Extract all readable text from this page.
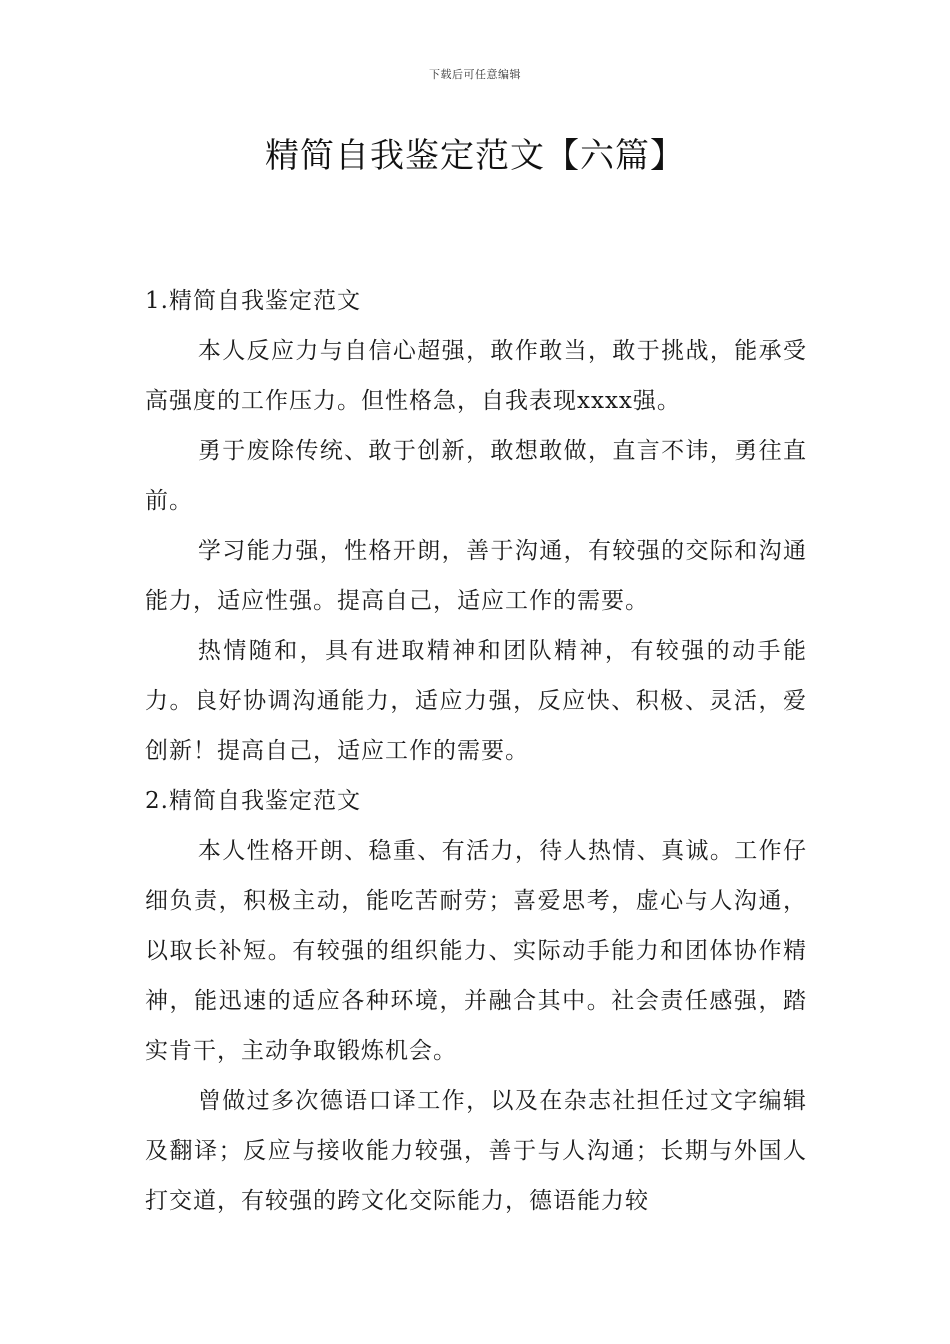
下载后可任意编辑
精简自我鉴定范文【六篇】

1.精简自我鉴定范文

本人反应力与自信心超强，敢作敢当，敢于挑战，能承受高强度的工作压力。但性格急，自我表现xxxx强。

勇于废除传统、敢于创新，敢想敢做，直言不讳，勇往直前。

学习能力强，性格开朗，善于沟通，有较强的交际和沟通能力，适应性强。提高自己，适应工作的需要。

热情随和，具有进取精神和团队精神，有较强的动手能力。良好协调沟通能力，适应力强，反应快、积极、灵活，爱创新！提高自己，适应工作的需要。

2.精简自我鉴定范文

本人性格开朗、稳重、有活力，待人热情、真诚。工作仔细负责，积极主动，能吃苦耐劳；喜爱思考，虚心与人沟通，以取长补短。有较强的组织能力、实际动手能力和团体协作精神，能迅速的适应各种环境，并融合其中。社会责任感强，踏实肯干，主动争取锻炼机会。

曾做过多次德语口译工作，以及在杂志社担任过文字编辑及翻译；反应与接收能力较强，善于与人沟通；长期与外国人打交道，有较强的跨文化交际能力，德语能力较
